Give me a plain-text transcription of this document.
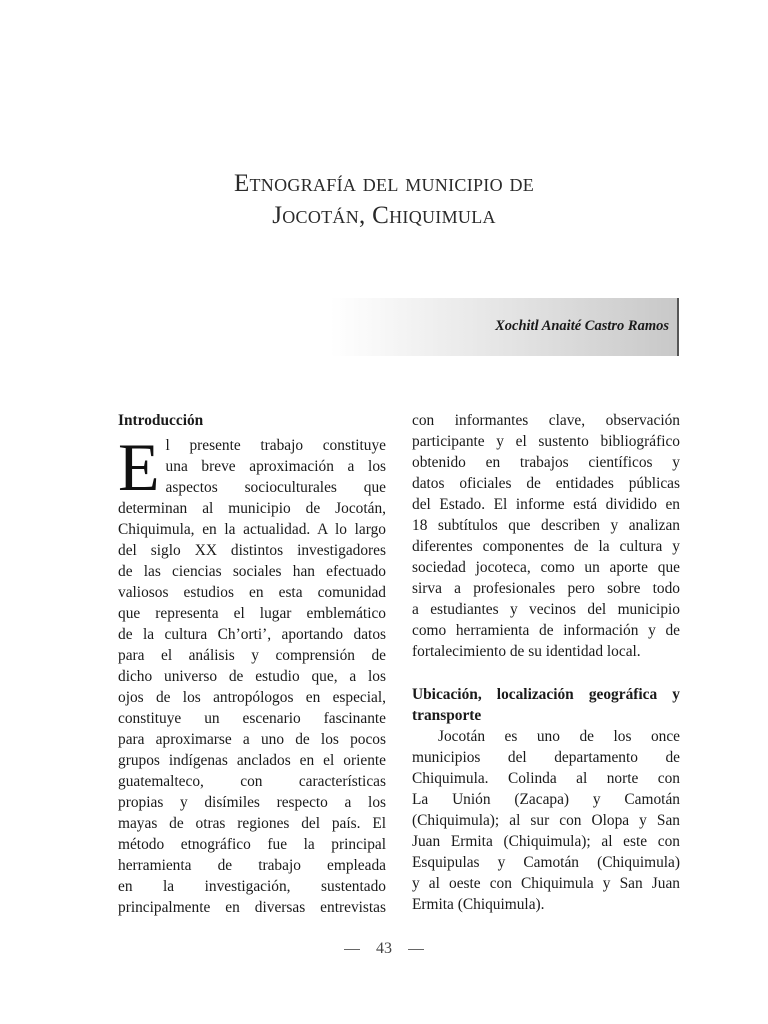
Etnografía del municipio de
Jocotán, Chiquimula
Xochitl Anaité Castro Ramos
Introducción
E l presente trabajo constituye
una breve aproximación a los
aspectos socioculturales que
determinan al municipio de Jocotán,
Chiquimula, en la actualidad. A lo largo
del siglo XX distintos investigadores
de las ciencias sociales han efectuado
valiosos estudios en esta comunidad
que representa el lugar emblemático
de la cultura Ch’orti’, aportando datos
para el análisis y comprensión de
dicho universo de estudio que, a los
ojos de los antropólogos en especial,
constituye un escenario fascinante
para aproximarse a uno de los pocos
grupos indígenas anclados en el oriente
guatemalteco, con características
propias y disímiles respecto a los
mayas de otras regiones del país. El
método etnográfico fue la principal
herramienta de trabajo empleada
en la investigación, sustentado
principalmente en diversas entrevistas
con informantes clave, observación
participante y el sustento bibliográfico
obtenido en trabajos científicos y
datos oficiales de entidades públicas
del Estado. El informe está dividido en
18 subtítulos que describen y analizan
diferentes componentes de la cultura y
sociedad jocoteca, como un aporte que
sirva a profesionales pero sobre todo
a estudiantes y vecinos del municipio
como herramienta de información y de
fortalecimiento de su identidad local.
Ubicación, localización geográfica y
transporte
Jocotán es uno de los once
municipios del departamento de
Chiquimula. Colinda al norte con
La Unión (Zacapa) y Camotán
(Chiquimula); al sur con Olopa y San
Juan Ermita (Chiquimula); al este con
Esquipulas y Camotán (Chiquimula)
y al oeste con Chiquimula y San Juan
Ermita (Chiquimula).
43
